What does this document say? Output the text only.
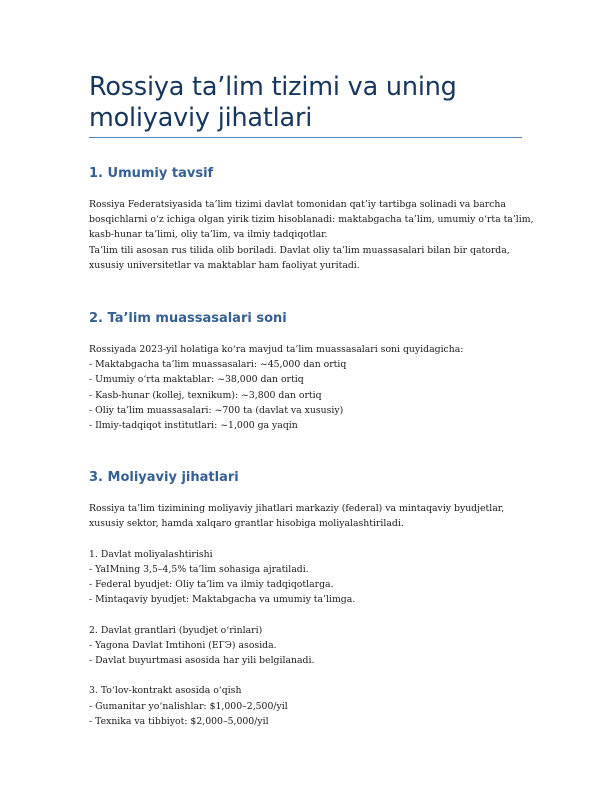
Rossiya ta’lim tizimi va uning moliyaviy jihatlari
1. Umumiy tavsif

Rossiya Federatsiyasida ta’lim tizimi davlat tomonidan qat’iy tartibga solinadi va barcha

bosqichlarni o‘z ichiga olgan yirik tizim hisoblanadi: maktabgacha ta’lim, umumiy o‘rta ta’lim,

kasb-hunar ta’limi, oliy ta’lim, va ilmiy tadqiqotlar.

Ta’lim tili asosan rus tilida olib boriladi. Davlat oliy ta’lim muassasalari bilan bir qatorda,

xususiy universitetlar va maktablar ham faoliyat yuritadi.

2. Ta’lim muassasalari soni

Rossiyada 2023-yil holatiga ko‘ra mavjud ta’lim muassasalari soni quyidagicha:

- Maktabgacha ta’lim muassasalari: ~45,000 dan ortiq

- Umumiy o‘rta maktablar: ~38,000 dan ortiq

- Kasb-hunar (kollej, texnikum): ~3,800 dan ortiq

- Oliy ta’lim muassasalari: ~700 ta (davlat va xususiy)

- Ilmiy-tadqiqot institutlari: ~1,000 ga yaqin

3. Moliyaviy jihatlari

Rossiya ta’lim tizimining moliyaviy jihatlari markaziy (federal) va mintaqaviy byudjetlar,

xususiy sektor, hamda xalqaro grantlar hisobiga moliyalashtiriladi.

1. Davlat moliyalashtirishi

- YaIMning 3,5–4,5% ta’lim sohasiga ajratiladi.

- Federal byudjet: Oliy ta’lim va ilmiy tadqiqotlarga.

- Mintaqaviy byudjet: Maktabgacha va umumiy ta’limga.

2. Davlat grantlari (byudjet o‘rinlari)

- Yagona Davlat Imtihoni (ЕГЭ) asosida.

- Davlat buyurtmasi asosida har yili belgilanadi.

3. To‘lov-kontrakt asosida o‘qish

- Gumanitar yo‘nalishlar: $1,000–2,500/yil

- Texnika va tibbiyot: $2,000–5,000/yil
